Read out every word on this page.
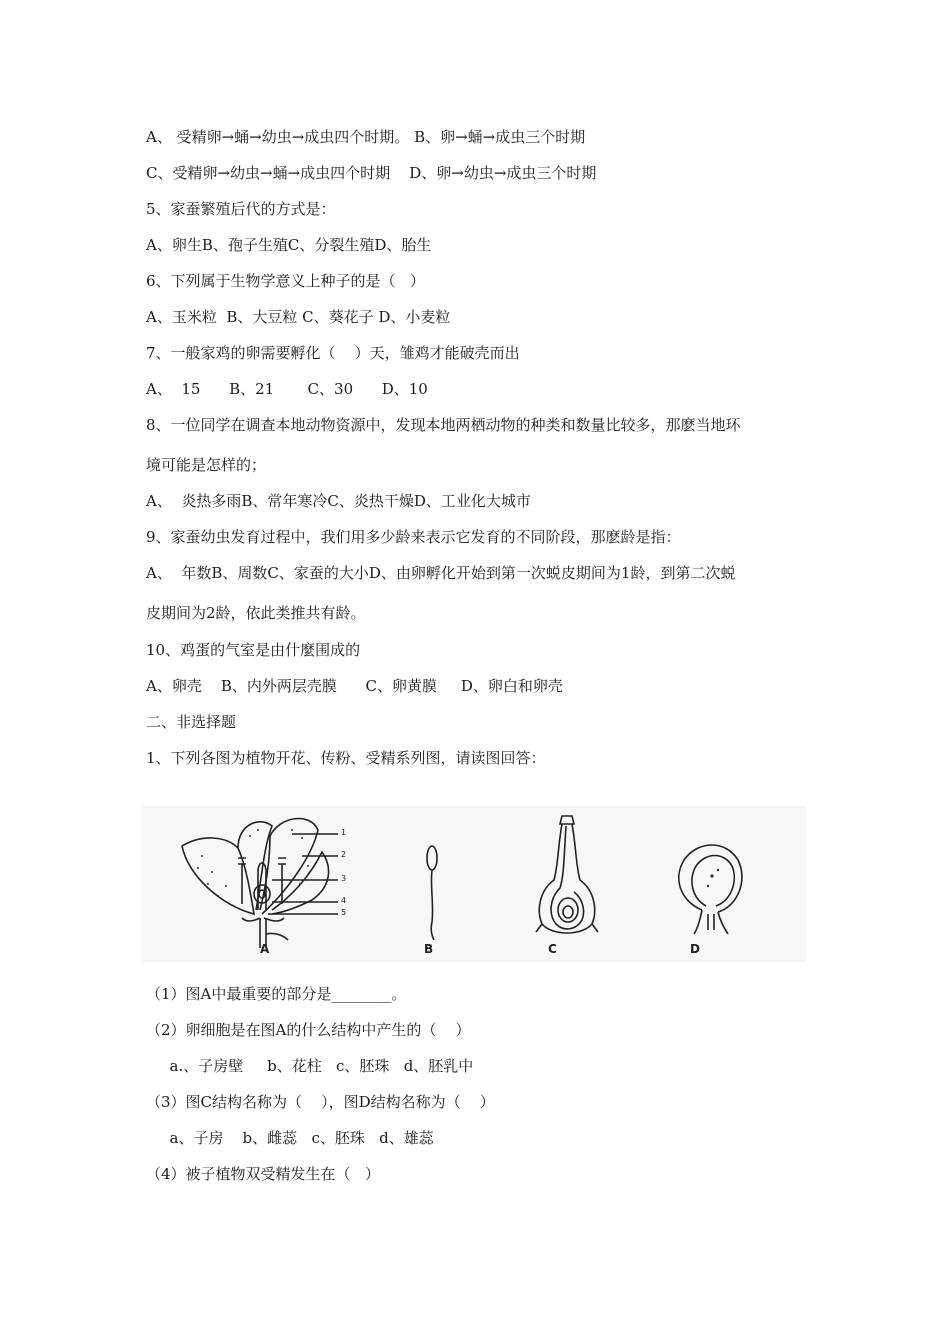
A、 受精卵→蛹→幼虫→成虫四个时期。 B、卵→蛹→成虫三个时期
C、受精卵→幼虫→蛹→成虫四个时期    D、卵→幼虫→成虫三个时期
5、家蚕繁殖后代的方式是：
A、卵生B、孢子生殖C、分裂生殖D、胎生
6、下列属于生物学意义上种子的是（   ）
A、玉米粒  B、大豆粒 C、葵花子 D、小麦粒
7、一般家鸡的卵需要孵化（    ）天，雏鸡才能破壳而出
A、  15      B、21       C、30      D、10
8、一位同学在调查本地动物资源中，发现本地两栖动物的种类和数量比较多，那麽当地环
境可能是怎样的；
A、  炎热多雨B、常年寒冷C、炎热干燥D、工业化大城市
9、家蚕幼虫发育过程中，我们用多少龄来表示它发育的不同阶段，那麽龄是指：
A、  年数B、周数C、家蚕的大小D、由卵孵化开始到第一次蜕皮期间为1龄，到第二次蜕
皮期间为2龄，依此类推共有龄。
10、鸡蛋的气室是由什麼围成的
A、卵壳    B、内外两层壳膜      C、卵黄膜     D、卵白和卵壳
二、非选择题
1、下列各图为植物开花、传粉、受精系列图，请读图回答：
1
2
3
4
5
A	B	C	D
（1）图A中最重要的部分是________。
（2）卵细胞是在图A的什么结构中产生的（    ）
a.、子房壁     b、花柱   c、胚珠   d、胚乳中
（3）图C结构名称为（    ），图D结构名称为（    ）
a、子房    b、雌蕊   c、胚珠   d、雄蕊
（4）被子植物双受精发生在（   ）
